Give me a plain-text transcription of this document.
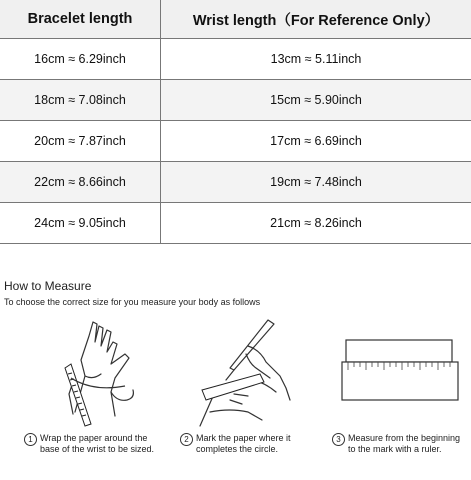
Bracelet length	Wrist length（For Reference Only）
16cm ≈ 6.29inch	13cm ≈ 5.11inch
18cm ≈ 7.08inch	15cm ≈ 5.90inch
20cm ≈ 7.87inch	17cm ≈ 6.69inch
22cm ≈ 8.66inch	19cm ≈ 7.48inch
24cm ≈ 9.05inch	21cm ≈ 8.26inch
How to Measure
To choose the correct size for you measure your body as follows
1 Wrap the paper around the base of the wrist to be sized.
2 Mark the paper where it completes the circle.
3 Measure from the beginning to the mark with a ruler.
